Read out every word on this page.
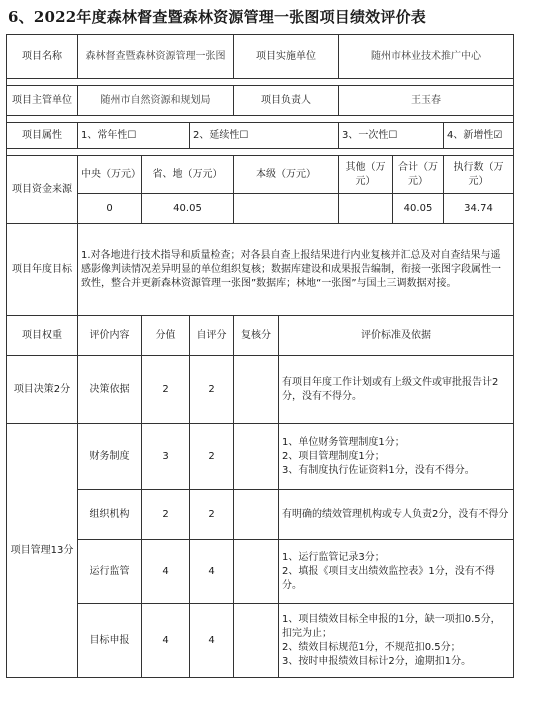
6、2022年度森林督查暨森林资源管理一张图项目绩效评价表
项目名称	森林督查暨森林资源管理一张图			项目实施单位		随州市林业技术推广中心		

项目主管单位	随州市自然资源和规划局			项目负责人		王玉春		

项目属性	1、常年性☐		2、延续性☐			3、一次性☐		4、新增性☑

项目资金来源	中央（万元）	省、地（万元）		本级（万元）		其他（万元）	合计（万元）	执行数（万元）
	0	40.05					40.05	34.74
项目年度目标	1.对各地进行技术指导和质量检查；对各县自查上报结果进行内业复核并汇总及对自查结果与遥感影像判读情况差异明显的单位组织复核；数据库建设和成果报告编制，衔接一张图字段属性一致性，整合并更新森林资源管理一张图”数据库；林地“一张图”与国土三调数据对接。							
项目权重	评价内容	分值	自评分	复核分	评价标准及依据			
项目决策2分	决策依据	2	2		有项目年度工作计划或有上级文件或审批报告计2分，没有不得分。			
项目管理13分	财务制度	3	2		1、单位财务管理制度1分；
2、项目管理制度1分；
3、有制度执行佐证资料1分，没有不得分。			
	组织机构	2	2		有明确的绩效管理机构或专人负责2分，没有不得分			
	运行监管	4	4		1、运行监管记录3分；
2、填报《项目支出绩效监控表》1分，没有不得分。			
	目标申报	4	4		1、项目绩效目标全申报的1分，缺一项扣0.5分，扣完为止；
2、绩效目标规范1分，不规范扣0.5分；
3、按时申报绩效目标计2分，逾期扣1分。			
